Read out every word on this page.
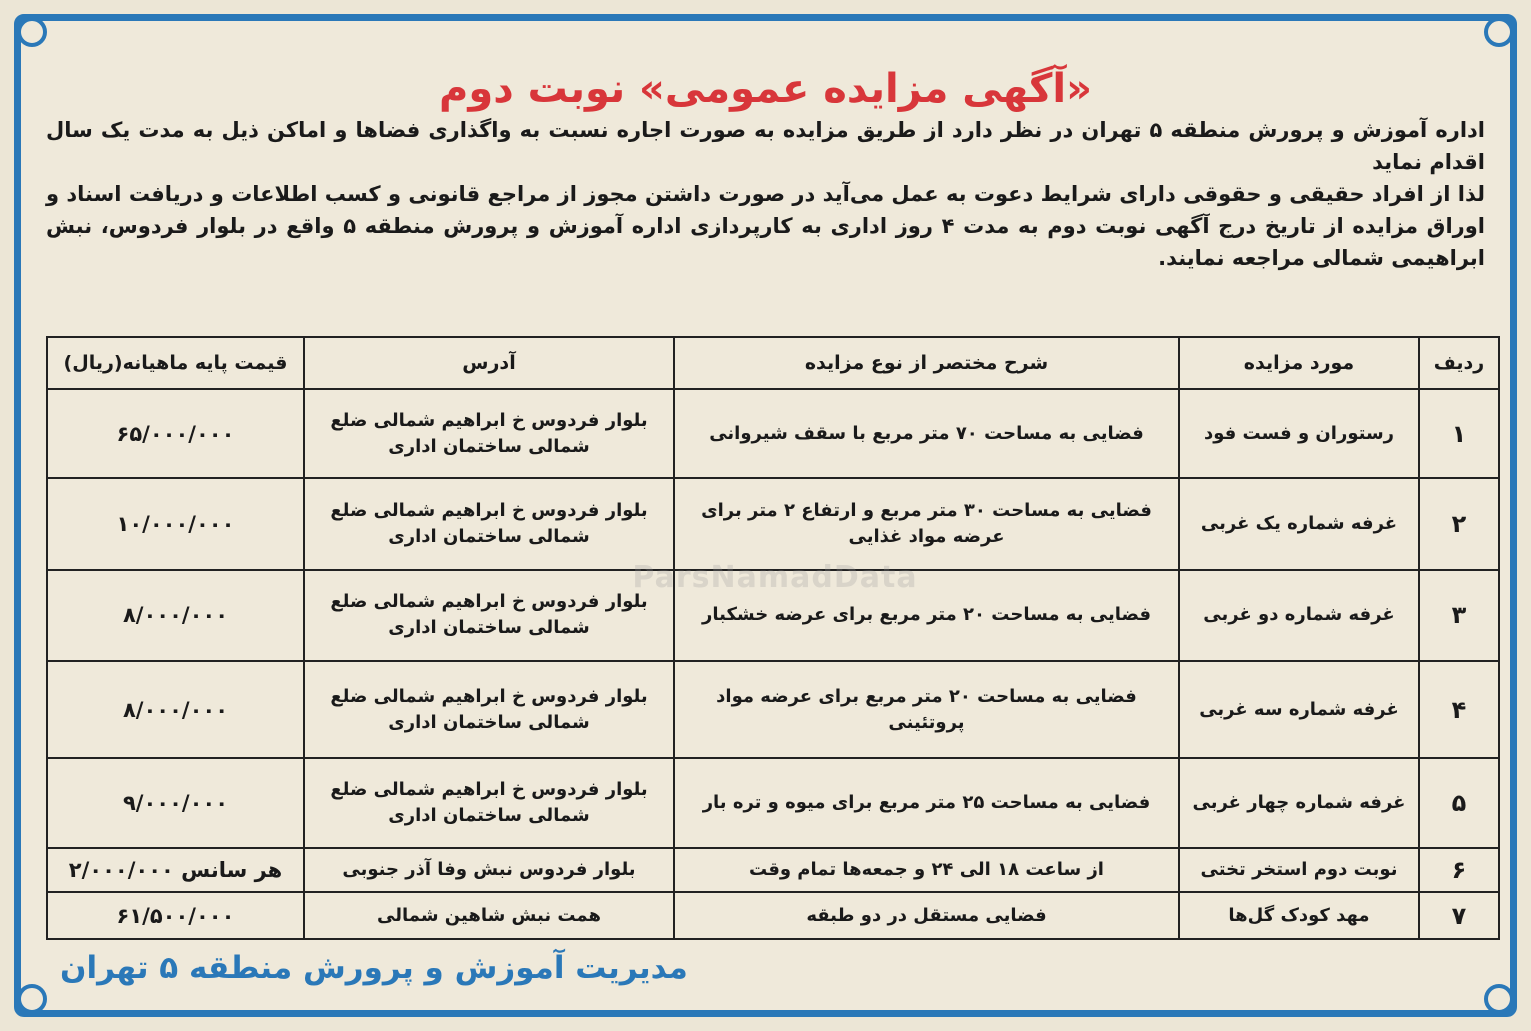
«آگهی مزایده عمومی» نوبت دوم

اداره آموزش و پرورش منطقه ۵ تهران در نظر دارد از طریق مزایده به صورت اجاره نسبت به واگذاری فضاها و اماکن ذیل به مدت یک سال اقدام نماید

لذا از افراد حقیقی و حقوقی دارای شرایط دعوت به عمل می‌آید در صورت داشتن مجوز از مراجع قانونی و کسب اطلاعات و دریافت اسناد و اوراق مزایده از تاریخ درج آگهی نوبت دوم به مدت ۴ روز اداری به کارپردازی اداره آموزش و پرورش منطقه ۵ واقع در بلوار فردوس، نبش ابراهیمی شمالی مراجعه نمایند.

ردیف	مورد مزایده	شرح مختصر از نوع مزایده	آدرس	قیمت پایه ماهیانه(ریال)
۱	رستوران و فست فود	فضایی به مساحت ۷۰ متر مربع با سقف شیروانی	بلوار فردوس خ ابراهیم شمالی ضلع شمالی ساختمان اداری	۶۵/۰۰۰/۰۰۰
۲	غرفه شماره یک غربی	فضایی به مساحت ۳۰ متر مربع و ارتفاع ۲ متر برای عرضه مواد غذایی	بلوار فردوس خ ابراهیم شمالی ضلع شمالی ساختمان اداری	۱۰/۰۰۰/۰۰۰
۳	غرفه شماره دو غربی	فضایی به مساحت ۲۰ متر مربع برای عرضه خشکبار	بلوار فردوس خ ابراهیم شمالی ضلع شمالی ساختمان اداری	۸/۰۰۰/۰۰۰
۴	غرفه شماره سه غربی	فضایی به مساحت ۲۰ متر مربع برای عرضه مواد پروتئینی	بلوار فردوس خ ابراهیم شمالی ضلع شمالی ساختمان اداری	۸/۰۰۰/۰۰۰
۵	غرفه شماره چهار غربی	فضایی به مساحت ۲۵ متر مربع برای میوه و تره بار	بلوار فردوس خ ابراهیم شمالی ضلع شمالی ساختمان اداری	۹/۰۰۰/۰۰۰
۶	نوبت دوم استخر تختی	از ساعت ۱۸ الی ۲۴ و جمعه‌ها تمام وقت	بلوار فردوس نبش وفا آذر جنوبی	هر سانس ۲/۰۰۰/۰۰۰
۷	مهد کودک گل‌ها	فضایی مستقل در دو طبقه	همت نبش شاهین شمالی	۶۱/۵۰۰/۰۰۰
ParsNamadData
مدیریت آموزش و پرورش منطقه ۵ تهران
